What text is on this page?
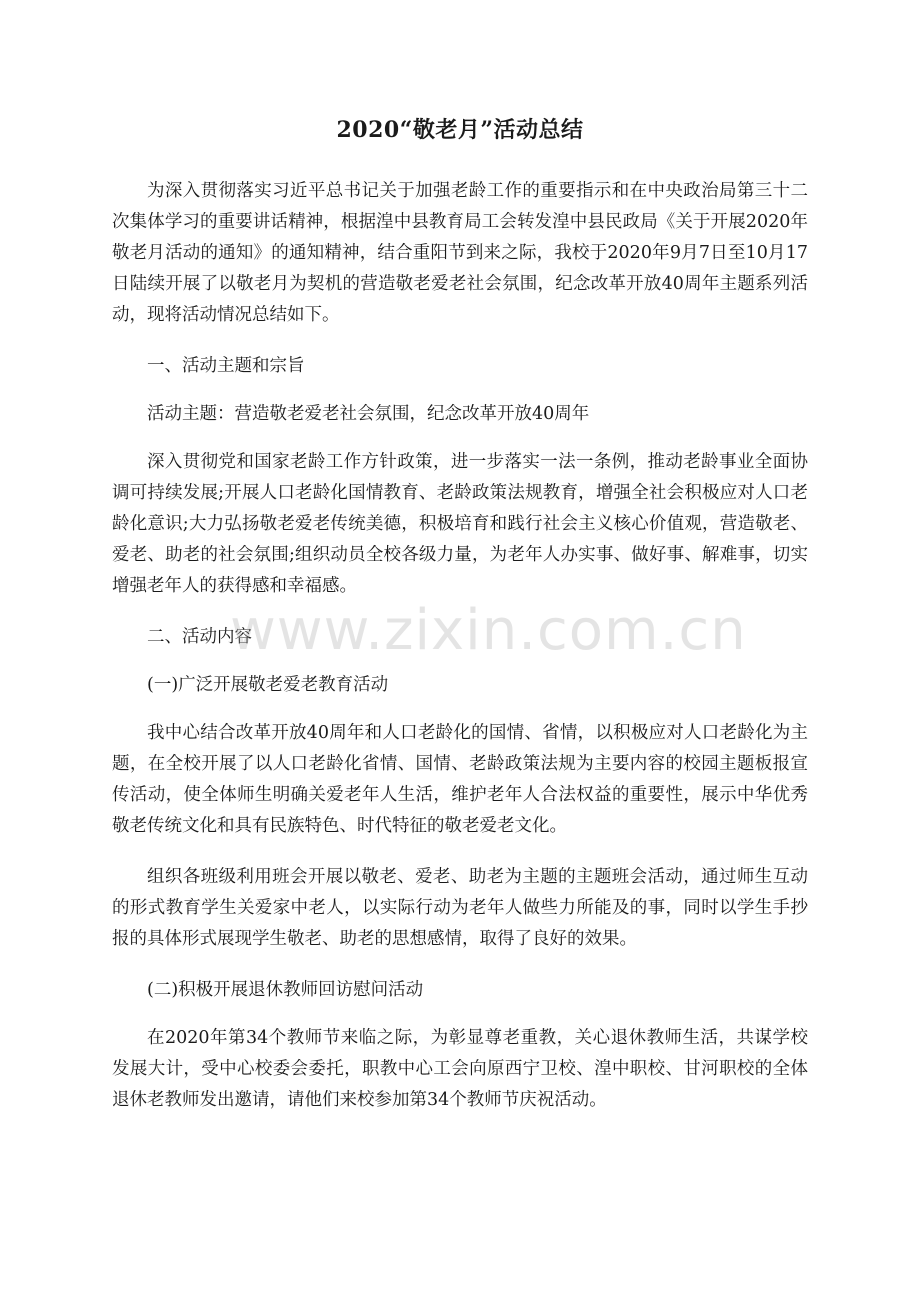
2020“敬老月”活动总结

为深入贯彻落实习近平总书记关于加强老龄工作的重要指示和在中央政治局第三十二次集体学习的重要讲话精神，根据湟中县教育局工会转发湟中县民政局《关于开展2020年敬老月活动的通知》的通知精神，结合重阳节到来之际，我校于2020年9月7日至10月17日陆续开展了以敬老月为契机的营造敬老爱老社会氛围，纪念改革开放40周年主题系列活动，现将活动情况总结如下。

一、活动主题和宗旨

活动主题：营造敬老爱老社会氛围，纪念改革开放40周年

深入贯彻党和国家老龄工作方针政策，进一步落实一法一条例，推动老龄事业全面协调可持续发展;开展人口老龄化国情教育、老龄政策法规教育，增强全社会积极应对人口老龄化意识;大力弘扬敬老爱老传统美德，积极培育和践行社会主义核心价值观，营造敬老、爱老、助老的社会氛围;组织动员全校各级力量，为老年人办实事、做好事、解难事，切实增强老年人的获得感和幸福感。

二、活动内容

(一)广泛开展敬老爱老教育活动

我中心结合改革开放40周年和人口老龄化的国情、省情，以积极应对人口老龄化为主题，在全校开展了以人口老龄化省情、国情、老龄政策法规为主要内容的校园主题板报宣传活动，使全体师生明确关爱老年人生活，维护老年人合法权益的重要性，展示中华优秀敬老传统文化和具有民族特色、时代特征的敬老爱老文化。

组织各班级利用班会开展以敬老、爱老、助老为主题的主题班会活动，通过师生互动的形式教育学生关爱家中老人，以实际行动为老年人做些力所能及的事，同时以学生手抄报的具体形式展现学生敬老、助老的思想感情，取得了良好的效果。

(二)积极开展退休教师回访慰问活动

在2020年第34个教师节来临之际，为彰显尊老重教，关心退休教师生活，共谋学校发展大计，受中心校委会委托，职教中心工会向原西宁卫校、湟中职校、甘河职校的全体退休老教师发出邀请，请他们来校参加第34个教师节庆祝活动。

www.zixin.com.cn
